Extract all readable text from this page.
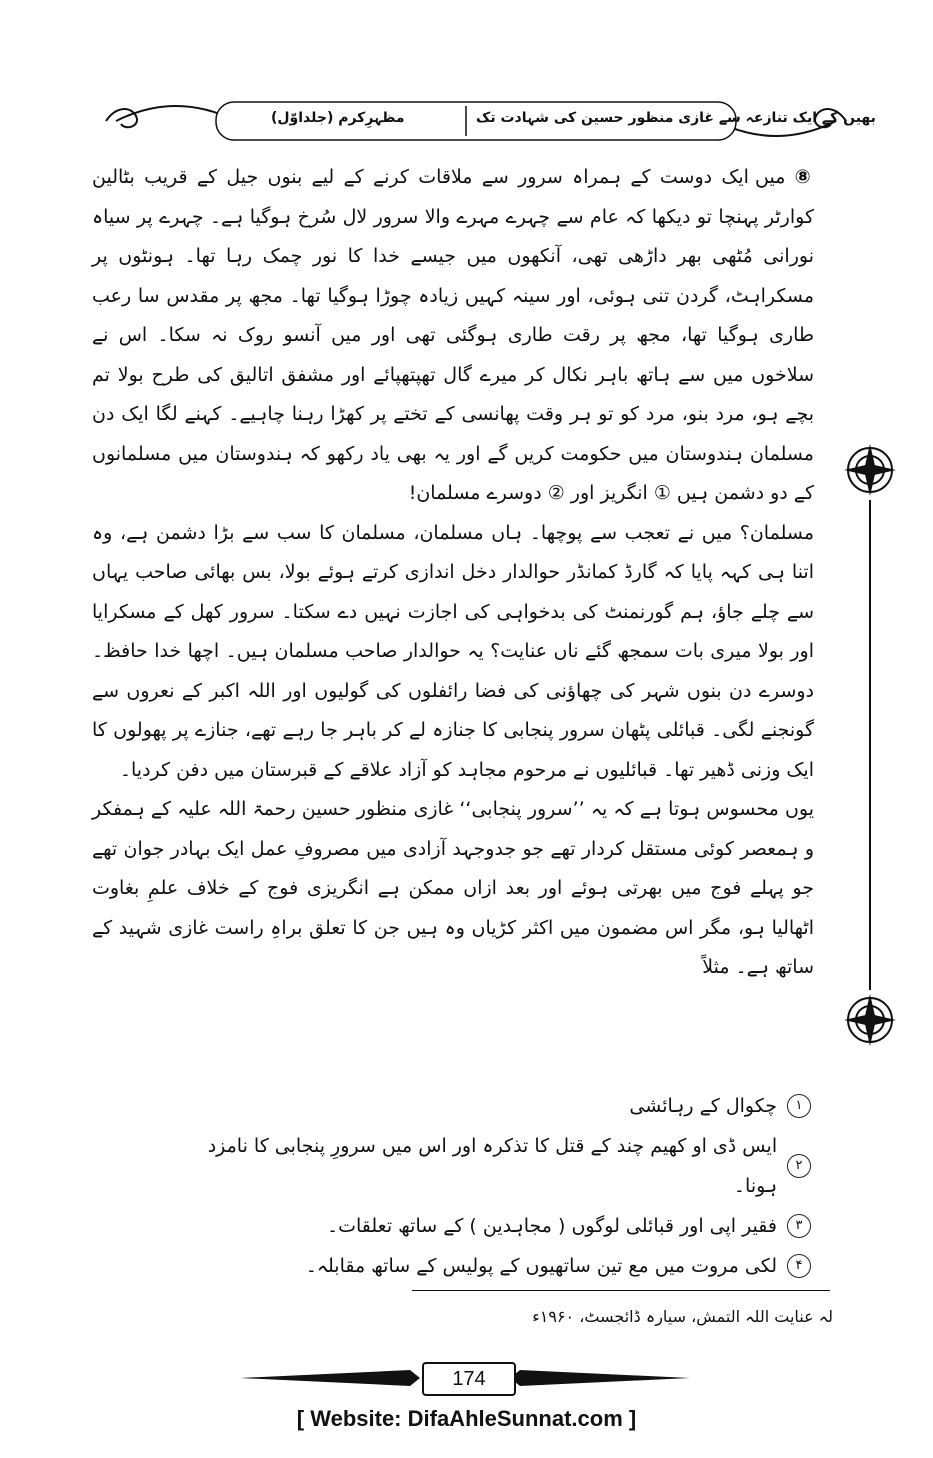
بھیں کے ایک تنازعہ سے غازی منظور حسین کی شہادت تک
مظہرِکرم (جلداوّل)

⑧ میں ایک دوست کے ہمراہ سرور سے ملاقات کرنے کے لیے بنوں جیل کے قریب بٹالین کوارٹر پہنچا تو دیکھا کہ عام سے چہرے مہرے والا سرور لال سُرخ ہوگیا ہے۔ چہرے پر سیاہ نورانی مُٹھی بھر داڑھی تھی، آنکھوں میں جیسے خدا کا نور چمک رہا تھا۔ ہونٹوں پر مسکراہٹ، گردن تنی ہوئی، اور سینہ کہیں زیادہ چوڑا ہوگیا تھا۔ مجھ پر مقدس سا رعب طاری ہوگیا تھا، مجھ پر رقت طاری ہوگئی تھی اور میں آنسو روک نہ سکا۔ اس نے سلاخوں میں سے ہاتھ باہر نکال کر میرے گال تھپتھپائے اور مشفق اتالیق کی طرح بولا تم بچے ہو، مرد بنو، مرد کو تو ہر وقت پھانسی کے تختے پر کھڑا رہنا چاہیے۔ کہنے لگا ایک دن مسلمان ہندوستان میں حکومت کریں گے اور یہ بھی یاد رکھو کہ ہندوستان میں مسلمانوں کے دو دشمن ہیں ① انگریز اور ② دوسرے مسلمان!

مسلمان؟ میں نے تعجب سے پوچھا۔ ہاں مسلمان، مسلمان کا سب سے بڑا دشمن ہے، وہ اتنا ہی کہہ پایا کہ گارڈ کمانڈر حوالدار دخل اندازی کرتے ہوئے بولا، بس بھائی صاحب یہاں سے چلے جاؤ، ہم گورنمنٹ کی بدخواہی کی اجازت نہیں دے سکتا۔ سرور کھل کے مسکرایا اور بولا میری بات سمجھ گئے ناں عنایت؟ یہ حوالدار صاحب مسلمان ہیں۔ اچھا خدا حافظ۔ دوسرے دن بنوں شہر کی چھاؤنی کی فضا رائفلوں کی گولیوں اور اللہ اکبر کے نعروں سے گونجنے لگی۔ قبائلی پٹھان سرور پنجابی کا جنازہ لے کر باہر جا رہے تھے، جنازے پر پھولوں کا ایک وزنی ڈھیر تھا۔ قبائلیوں نے مرحوم مجاہد کو آزاد علاقے کے قبرستان میں دفن کردیا۔

یوں محسوس ہوتا ہے کہ یہ ’’سرور پنجابی‘‘ غازی منظور حسین رحمۃ اللہ علیہ کے ہمفکر و ہمعصر کوئی مستقل کردار تھے جو جدوجہد آزادی میں مصروفِ عمل ایک بہادر جوان تھے جو پہلے فوج میں بھرتی ہوئے اور بعد ازاں ممکن ہے انگریزی فوج کے خلاف علمِ بغاوت اٹھالیا ہو، مگر اس مضمون میں اکثر کڑیاں وہ ہیں جن کا تعلق براہِ راست غازی شہید کے ساتھ ہے۔ مثلاً

۱
چکوال کے رہائشی
۲
ایس ڈی او کھیم چند کے قتل کا تذکرہ اور اس میں سرورِ پنجابی کا نامزد ہونا۔
۳
فقیر اپی اور قبائلی لوگوں ( مجاہدین ) کے ساتھ تعلقات۔
۴
لکی مروت میں مع تین ساتھیوں کے پولیس کے ساتھ مقابلہ۔
لہ عنایت اللہ التمش، سیارہ ڈائجسٹ، ۱۹۶۰ء
174
[ Website: DifaAhleSunnat.com ]
